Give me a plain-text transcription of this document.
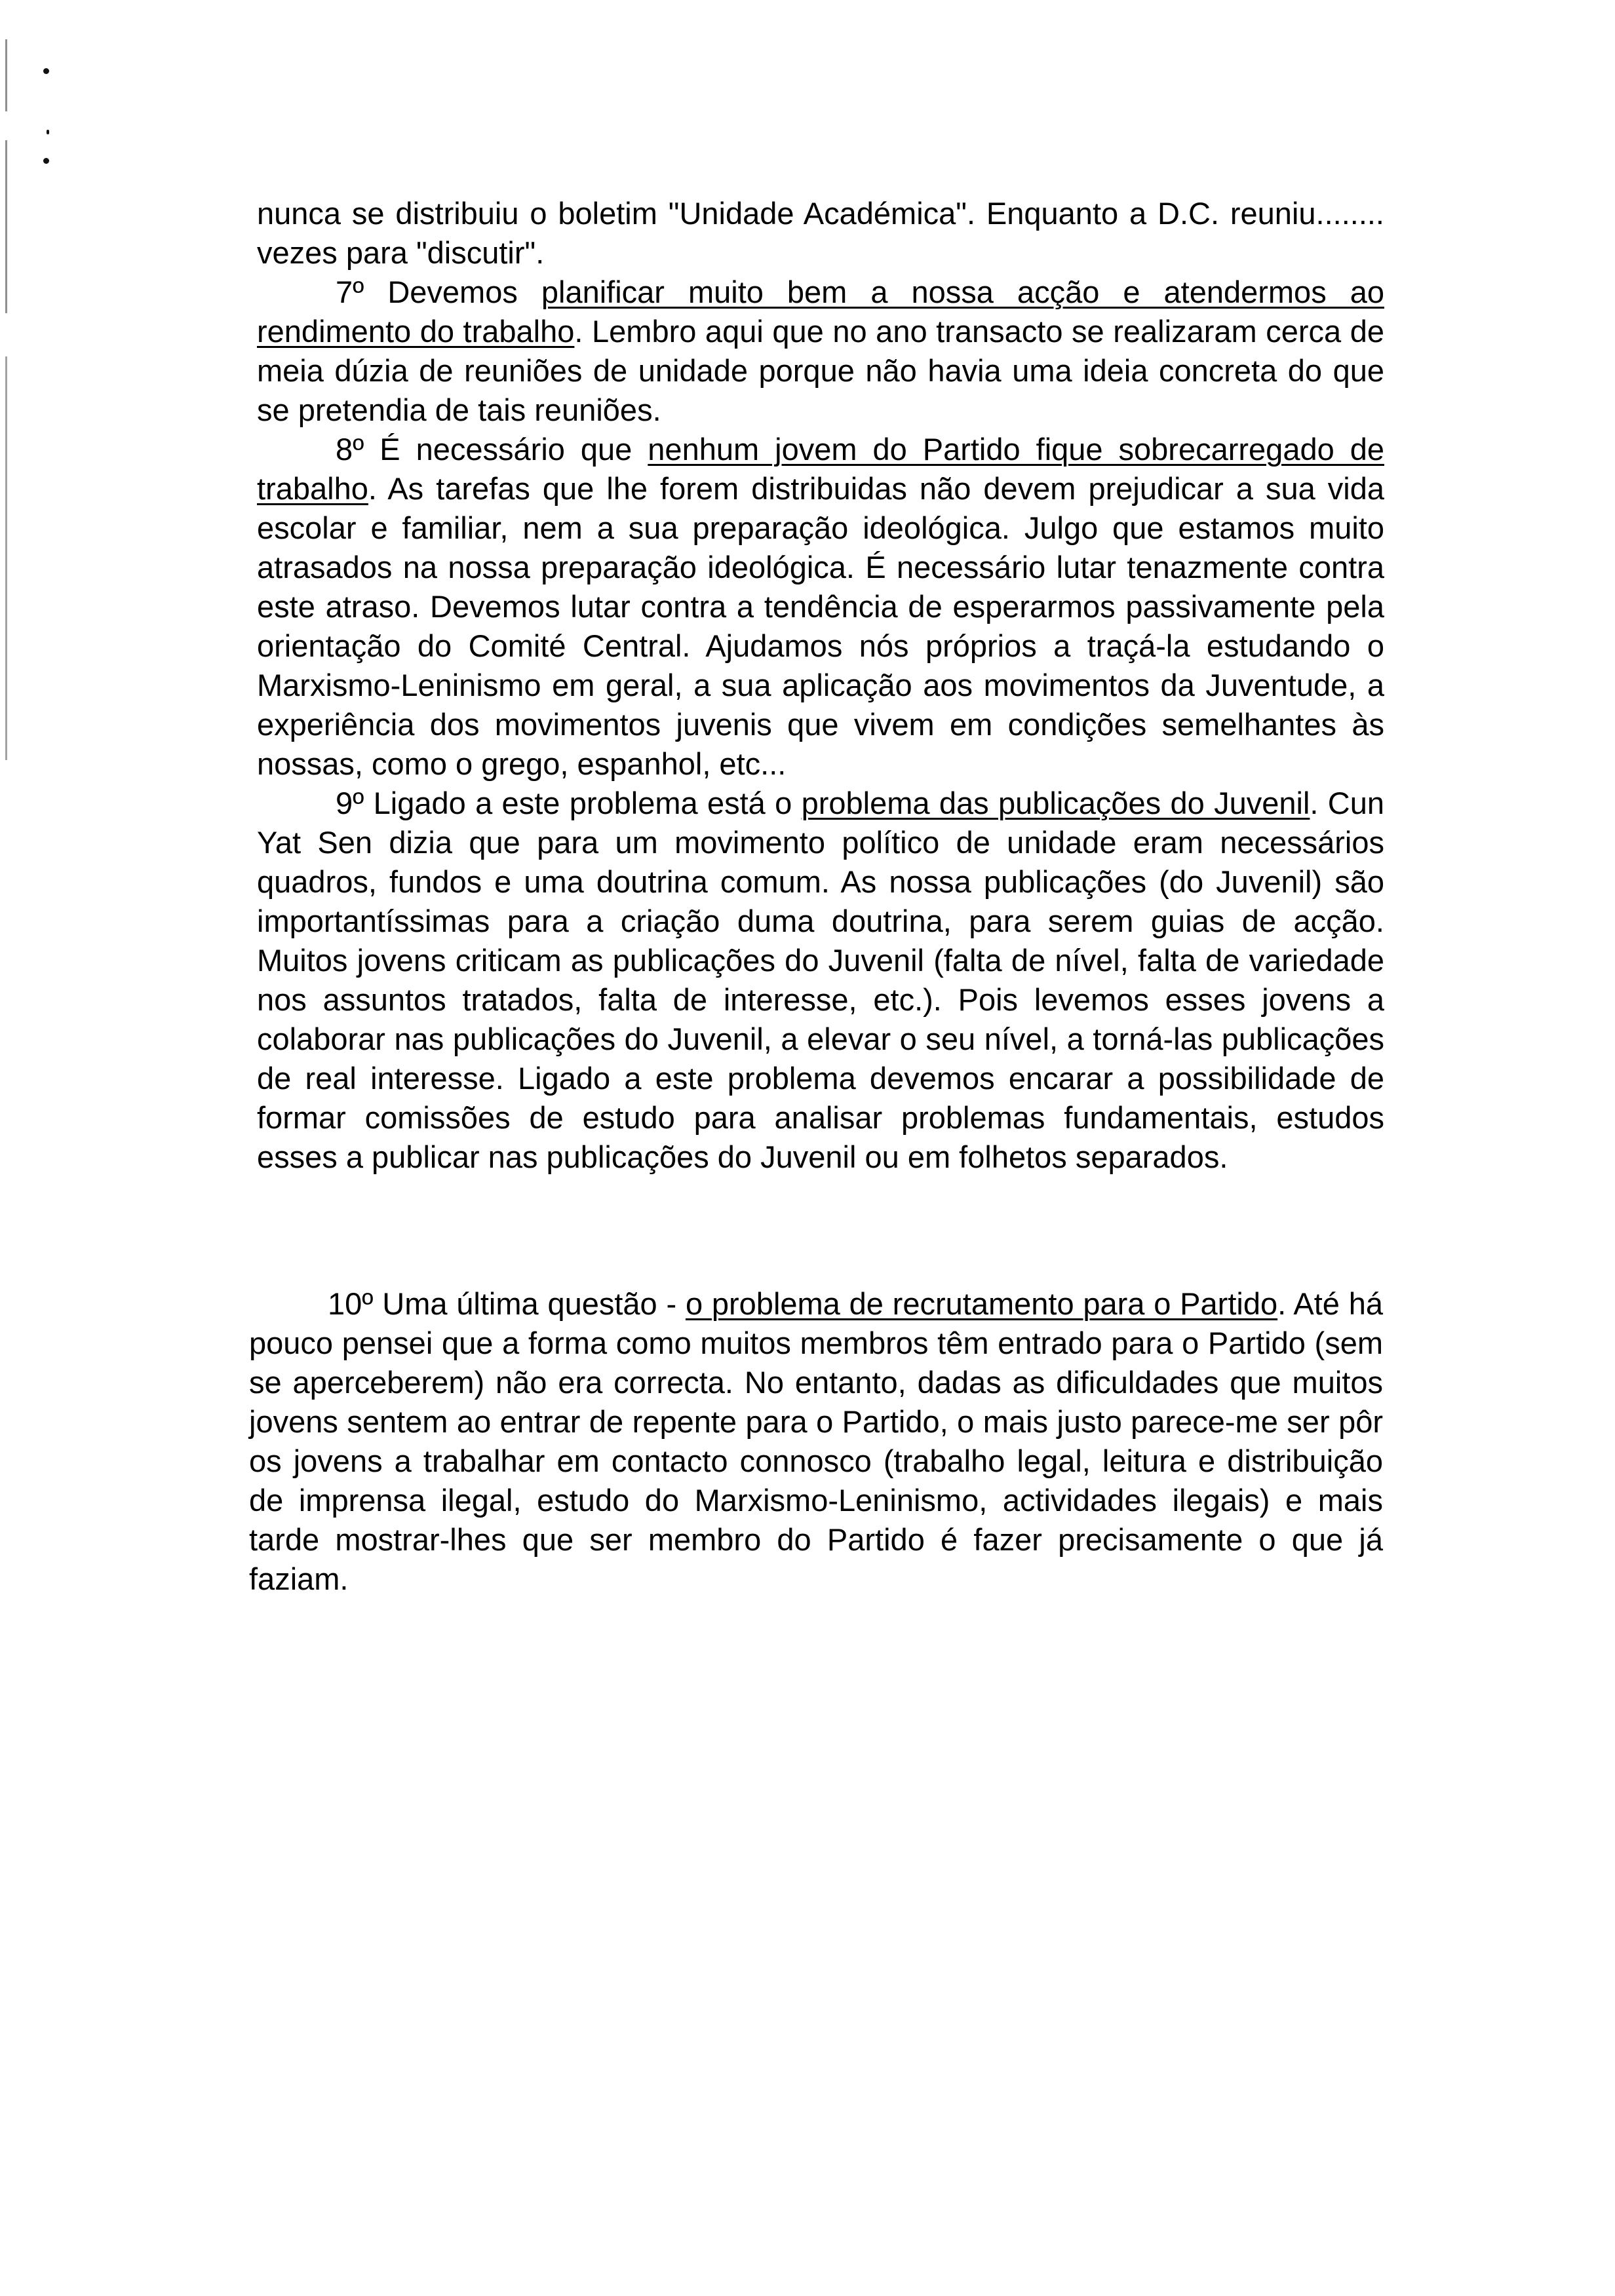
nunca se distribuiu o boletim "Unidade Académica". Enquanto a D.C. reuniu........ vezes para "discutir".

7º Devemos planificar muito bem a nossa acção e atendermos ao rendimento do trabalho. Lembro aqui que no ano transacto se realizaram cerca de meia dúzia de reuniões de unidade porque não havia uma ideia concreta do que se pretendia de tais reuniões.

8º É necessário que nenhum jovem do Partido fique sobrecarregado de trabalho. As tarefas que lhe forem distribuidas não devem prejudicar a sua vida escolar e familiar, nem a sua preparação ideológica. Julgo que estamos muito atrasados na nossa preparação ideológica. É necessário lutar tenazmente contra este atraso. Devemos lutar contra a tendência de esperarmos passivamente pela orientação do Comité Central. Ajudamos nós próprios a traçá-la estudando o Marxismo-Leninismo em geral, a sua aplicação aos movimentos da Juventude, a experiência dos movimentos juvenis que vivem em condições semelhantes às nossas, como o grego, espanhol, etc...

9º Ligado a este problema está o problema das publicações do Juvenil. Cun Yat Sen dizia que para um movimento político de unidade eram necessários quadros, fundos e uma doutrina comum. As nossa publicações (do Juvenil) são importantíssimas para a criação duma doutrina, para serem guias de acção. Muitos jovens criticam as publicações do Juvenil (falta de nível, falta de variedade nos assuntos tratados, falta de interesse, etc.). Pois levemos esses jovens a colaborar nas publicações do Juvenil, a elevar o seu nível, a torná-las publicações de real interesse. Ligado a este problema devemos encarar a possibilidade de formar comissões de estudo para analisar problemas fundamentais, estudos esses a publicar nas publicações do Juvenil ou em folhetos separados.

10º Uma última questão - o problema de recrutamento para o Partido. Até há pouco pensei que a forma como muitos membros têm entrado para o Partido (sem se aperceberem) não era correcta. No entanto, dadas as dificuldades que muitos jovens sentem ao entrar de repente para o Partido, o mais justo parece-me ser pôr os jovens a trabalhar em contacto connosco (trabalho legal, leitura e distribuição de imprensa ilegal, estudo do Marxismo-Leninismo, actividades ilegais) e mais tarde mostrar-lhes que ser membro do Partido é fazer precisamente o que já faziam.
